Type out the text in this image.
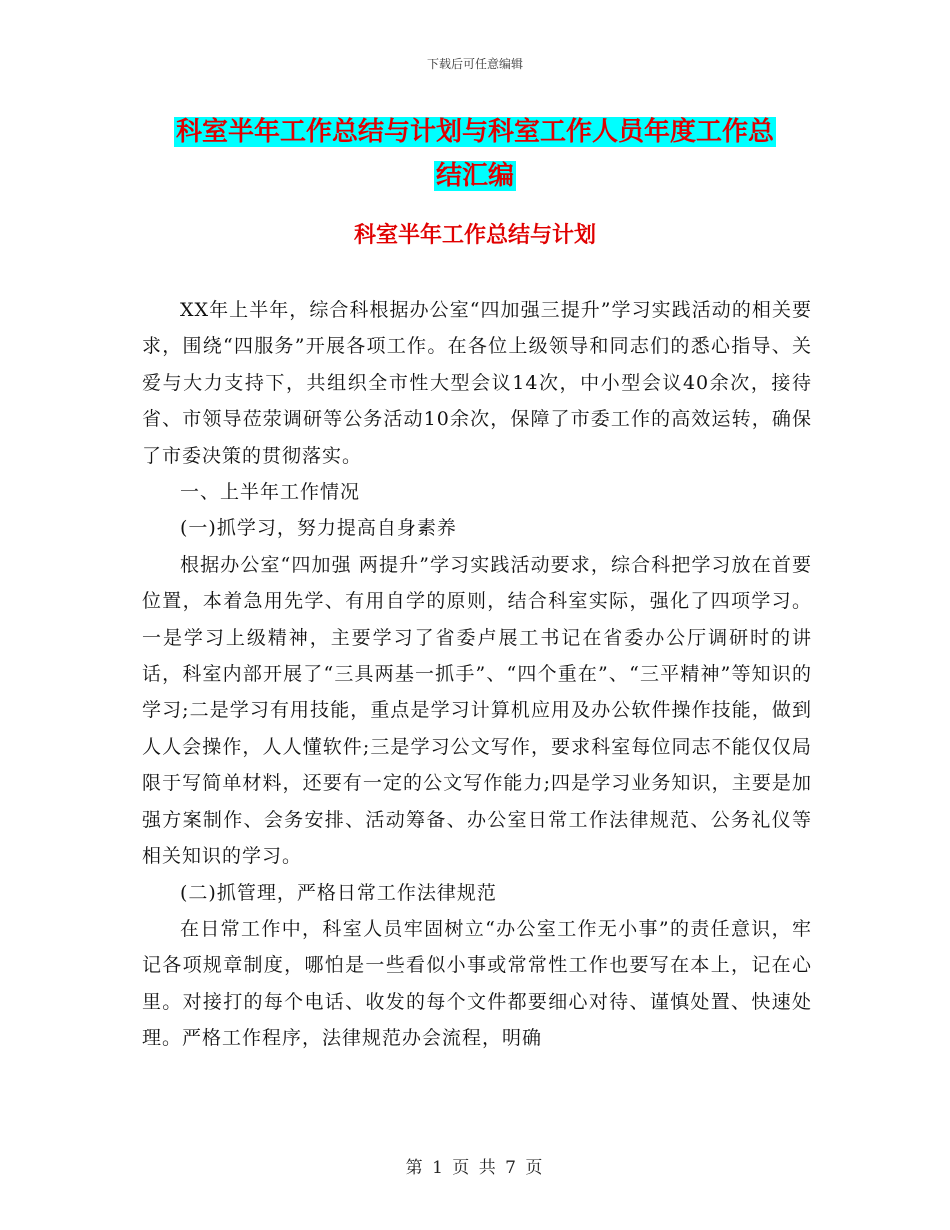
下载后可任意编辑
科室半年工作总结与计划与科室工作人员年度工作总
结汇编
科室半年工作总结与计划

XX年上半年，综合科根据办公室“四加强三提升”学习实践活动的相关要求，围绕“四服务”开展各项工作。在各位上级领导和同志们的悉心指导、关爱与大力支持下，共组织全市性大型会议14次，中小型会议40余次，接待省、市领导莅荥调研等公务活动10余次，保障了市委工作的高效运转，确保了市委决策的贯彻落实。

一、上半年工作情况

(一)抓学习，努力提高自身素养

根据办公室“四加强 两提升”学习实践活动要求，综合科把学习放在首要位置，本着急用先学、有用自学的原则，结合科室实际，强化了四项学习。一是学习上级精神，主要学习了省委卢展工书记在省委办公厅调研时的讲话，科室内部开展了“三具两基一抓手”、“四个重在”、“三平精神”等知识的学习;二是学习有用技能，重点是学习计算机应用及办公软件操作技能，做到人人会操作，人人懂软件;三是学习公文写作，要求科室每位同志不能仅仅局限于写简单材料，还要有一定的公文写作能力;四是学习业务知识，主要是加强方案制作、会务安排、活动筹备、办公室日常工作法律规范、公务礼仪等相关知识的学习。

(二)抓管理，严格日常工作法律规范

在日常工作中，科室人员牢固树立“办公室工作无小事”的责任意识，牢记各项规章制度，哪怕是一些看似小事或常常性工作也要写在本上，记在心里。对接打的每个电话、收发的每个文件都要细心对待、谨慎处置、快速处理。严格工作程序，法律规范办会流程，明确

第 1 页 共 7 页
